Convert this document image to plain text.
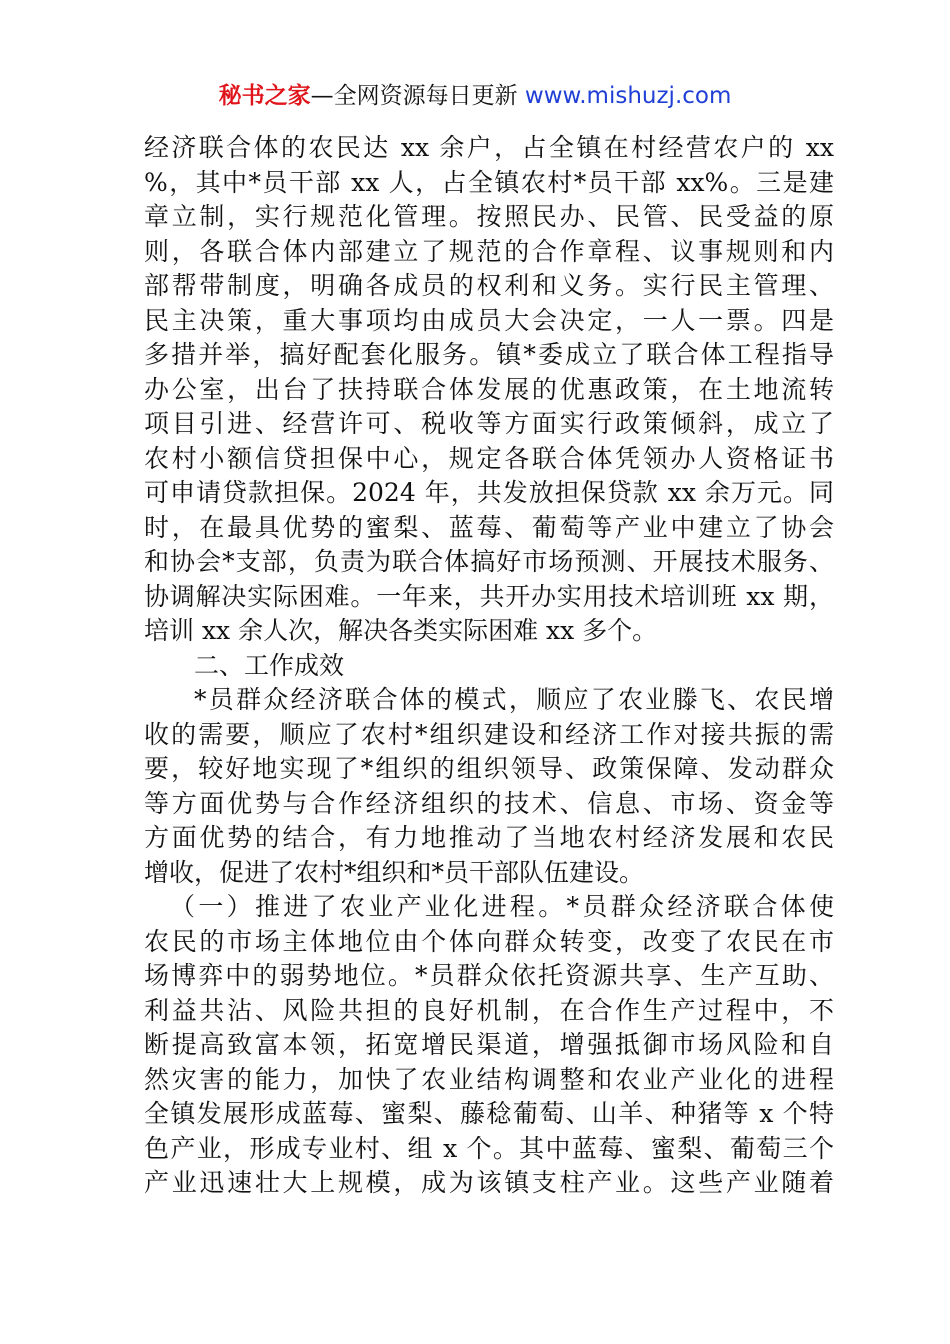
秘书之家—全网资源每日更新 www.mishuzj.com
经济联合体的农民达 xx 余户，占全镇在村经营农户的 xx
%，其中*员干部 xx 人，占全镇农村*员干部 xx%。三是建
章立制，实行规范化管理。按照民办、民管、民受益的原
则，各联合体内部建立了规范的合作章程、议事规则和内
部帮带制度，明确各成员的权利和义务。实行民主管理、
民主决策，重大事项均由成员大会决定，一人一票。四是
多措并举，搞好配套化服务。镇*委成立了联合体工程指导
办公室，出台了扶持联合体发展的优惠政策，在土地流转
项目引进、经营许可、税收等方面实行政策倾斜，成立了
农村小额信贷担保中心，规定各联合体凭领办人资格证书
可申请贷款担保。2024 年，共发放担保贷款 xx 余万元。同
时，在最具优势的蜜梨、蓝莓、葡萄等产业中建立了协会
和协会*支部，负责为联合体搞好市场预测、开展技术服务、
协调解决实际困难。一年来，共开办实用技术培训班 xx 期，
培训 xx 余人次，解决各类实际困难 xx 多个。
二、工作成效
*员群众经济联合体的模式，顺应了农业滕飞、农民增
收的需要，顺应了农村*组织建设和经济工作对接共振的需
要，较好地实现了*组织的组织领导、政策保障、发动群众
等方面优势与合作经济组织的技术、信息、市场、资金等
方面优势的结合，有力地推动了当地农村经济发展和农民
增收，促进了农村*组织和*员干部队伍建设。
（一）推进了农业产业化进程。*员群众经济联合体使
农民的市场主体地位由个体向群众转变，改变了农民在市
场博弈中的弱势地位。*员群众依托资源共享、生产互助、
利益共沾、风险共担的良好机制，在合作生产过程中，不
断提高致富本领，拓宽增民渠道，增强抵御市场风险和自
然灾害的能力，加快了农业结构调整和农业产业化的进程
全镇发展形成蓝莓、蜜梨、藤稔葡萄、山羊、种猪等 x 个特
色产业，形成专业村、组 x 个。其中蓝莓、蜜梨、葡萄三个
产业迅速壮大上规模，成为该镇支柱产业。这些产业随着
